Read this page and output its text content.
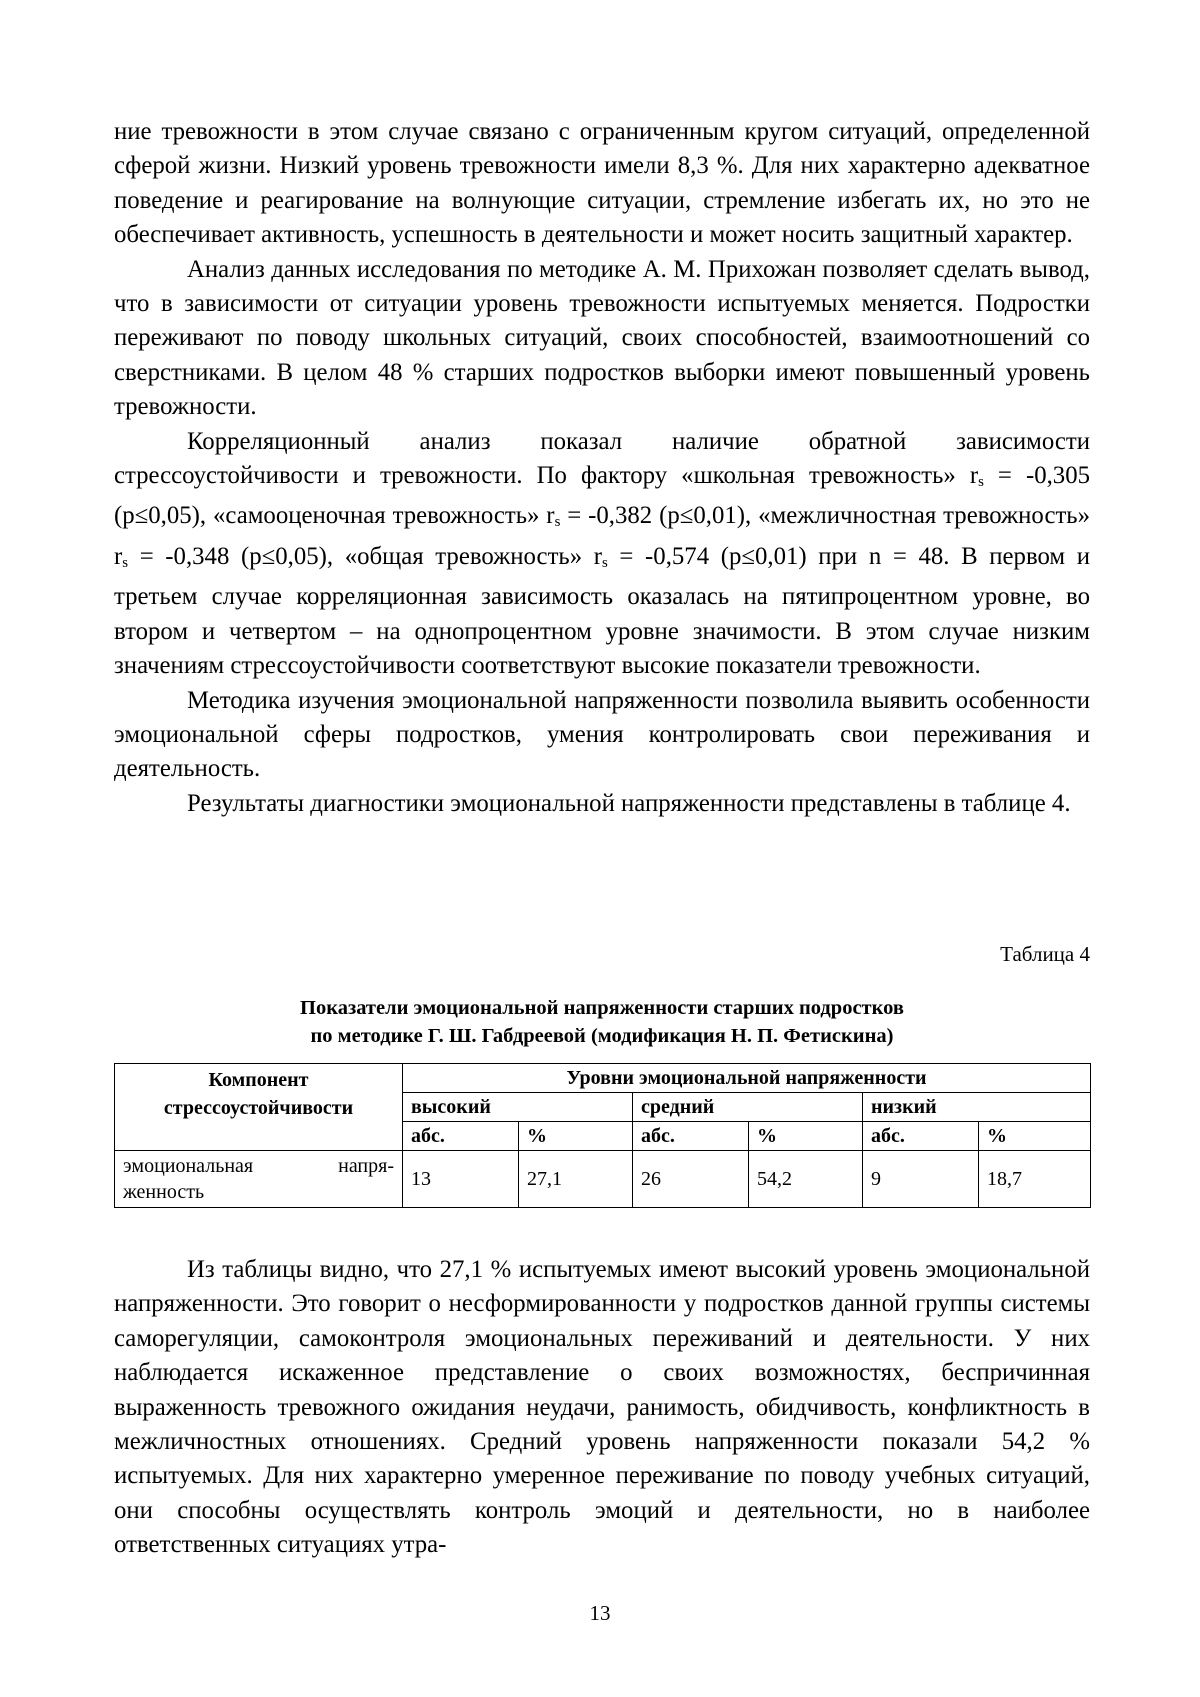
ние тревожности в этом случае связано с ограниченным кругом ситуаций, определенной сферой жизни. Низкий уровень тревожности имели 8,3 %. Для них характерно адекватное поведение и реагирование на волнующие ситуации, стремление избегать их, но это не обеспечивает активность, успешность в деятельности и может носить защитный характер.

Анализ данных исследования по методике А. М. Прихожан позволяет сделать вывод, что в зависимости от ситуации уровень тревожности испытуемых меняется. Подростки переживают по поводу школьных ситуаций, своих способностей, взаимоотношений со сверстниками. В целом 48 % старших подростков выборки имеют повышенный уровень тревожности.

Корреляционный анализ показал наличие обратной зависимости стрессоустойчивости и тревожности. По фактору «школьная тревожность» $r_s = -0,305$ (p≤0,05), «самооценочная тревожность» $r_s = -0,382$ (p≤0,01), «межличностная тревожность» $r_s = -0,348$ (p≤0,05), «общая тревожность» $r_s = -0,574$ (p≤0,01) при n = 48. В первом и третьем случае корреляционная зависимость оказалась на пятипроцентном уровне, во втором и четвертом – на однопроцентном уровне значимости. В этом случае низким значениям стрессоустойчивости соответствуют высокие показатели тревожности.

Методика изучения эмоциональной напряженности позволила выявить особенности эмоциональной сферы подростков, умения контролировать свои переживания и деятельность.

Результаты диагностики эмоциональной напряженности представлены в таблице 4.

Таблица 4
Показатели эмоциональной напряженности старших подростков
по методике Г. Ш. Габдреевой (модификация Н. П. Фетискина)
Компонент стрессоустойчивости	Уровни эмоциональной напряженности					
	высокий		средний		низкий	
	абс.	%	абс.	%	абс.	%

эмоциональная напря-
женность	13	27,1	26	54,2	9	18,7

Из таблицы видно, что 27,1 % испытуемых имеют высокий уровень эмоциональной напряженности. Это говорит о несформированности у подростков данной группы системы саморегуляции, самоконтроля эмоциональных переживаний и деятельности. У них наблюдается искаженное представление о своих возможностях, беспричинная выраженность тревожного ожидания неудачи, ранимость, обидчивость, конфликтность в межличностных отношениях. Средний уровень напряженности показали 54,2 % испытуемых. Для них характерно умеренное переживание по поводу учебных ситуаций, они способны осуществлять контроль эмоций и деятельности, но в наиболее ответственных ситуациях утра-

13
